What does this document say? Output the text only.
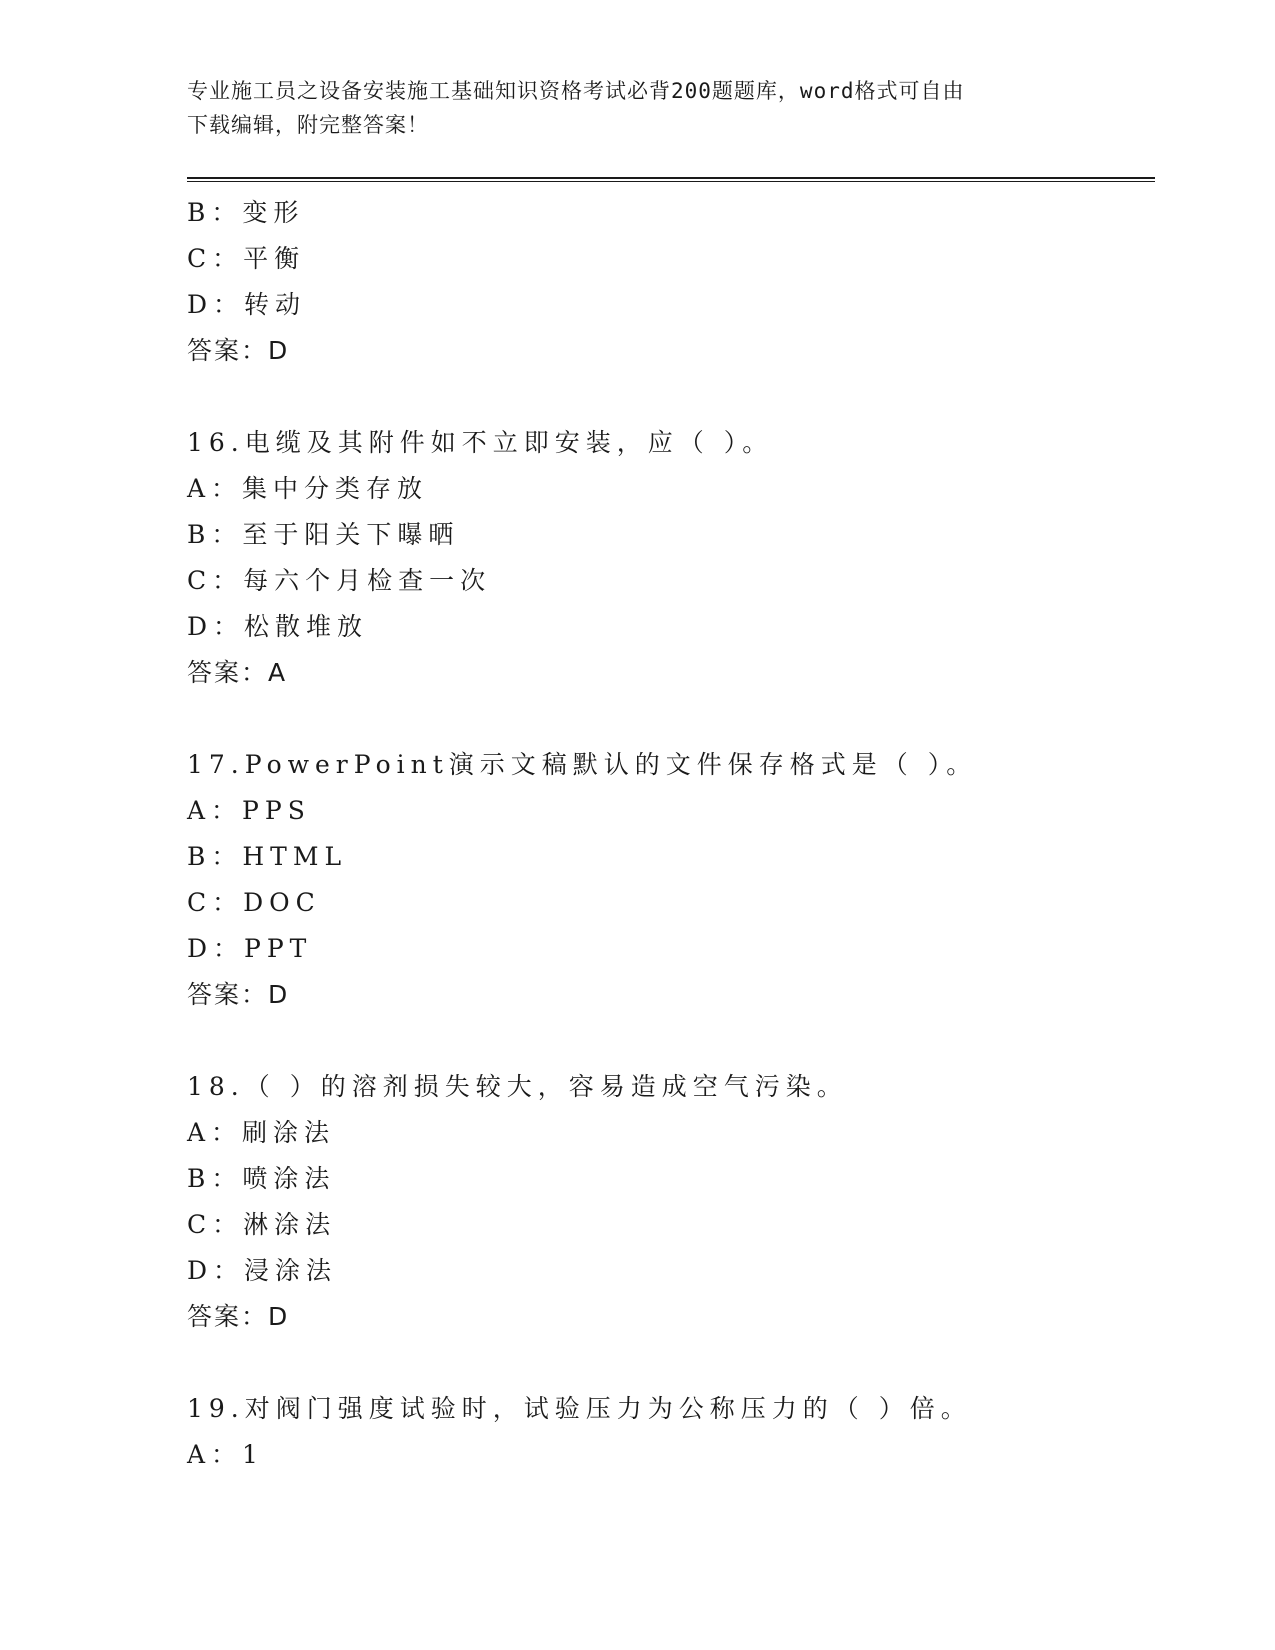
专业施工员之设备安装施工基础知识资格考试必背200题题库，word格式可自由
下载编辑，附完整答案！
B：变形
C：平衡
D：转动
答案：D
16.电缆及其附件如不立即安装，应（ ）。
A：集中分类存放
B：至于阳关下曝晒
C：每六个月检查一次
D：松散堆放
答案：A
17.PowerPoint演示文稿默认的文件保存格式是（ ）。
A：PPS
B：HTML
C：DOC
D：PPT
答案：D
18.（ ）的溶剂损失较大，容易造成空气污染。
A：刷涂法
B：喷涂法
C：淋涂法
D：浸涂法
答案：D
19.对阀门强度试验时，试验压力为公称压力的（ ）倍。
A：1
